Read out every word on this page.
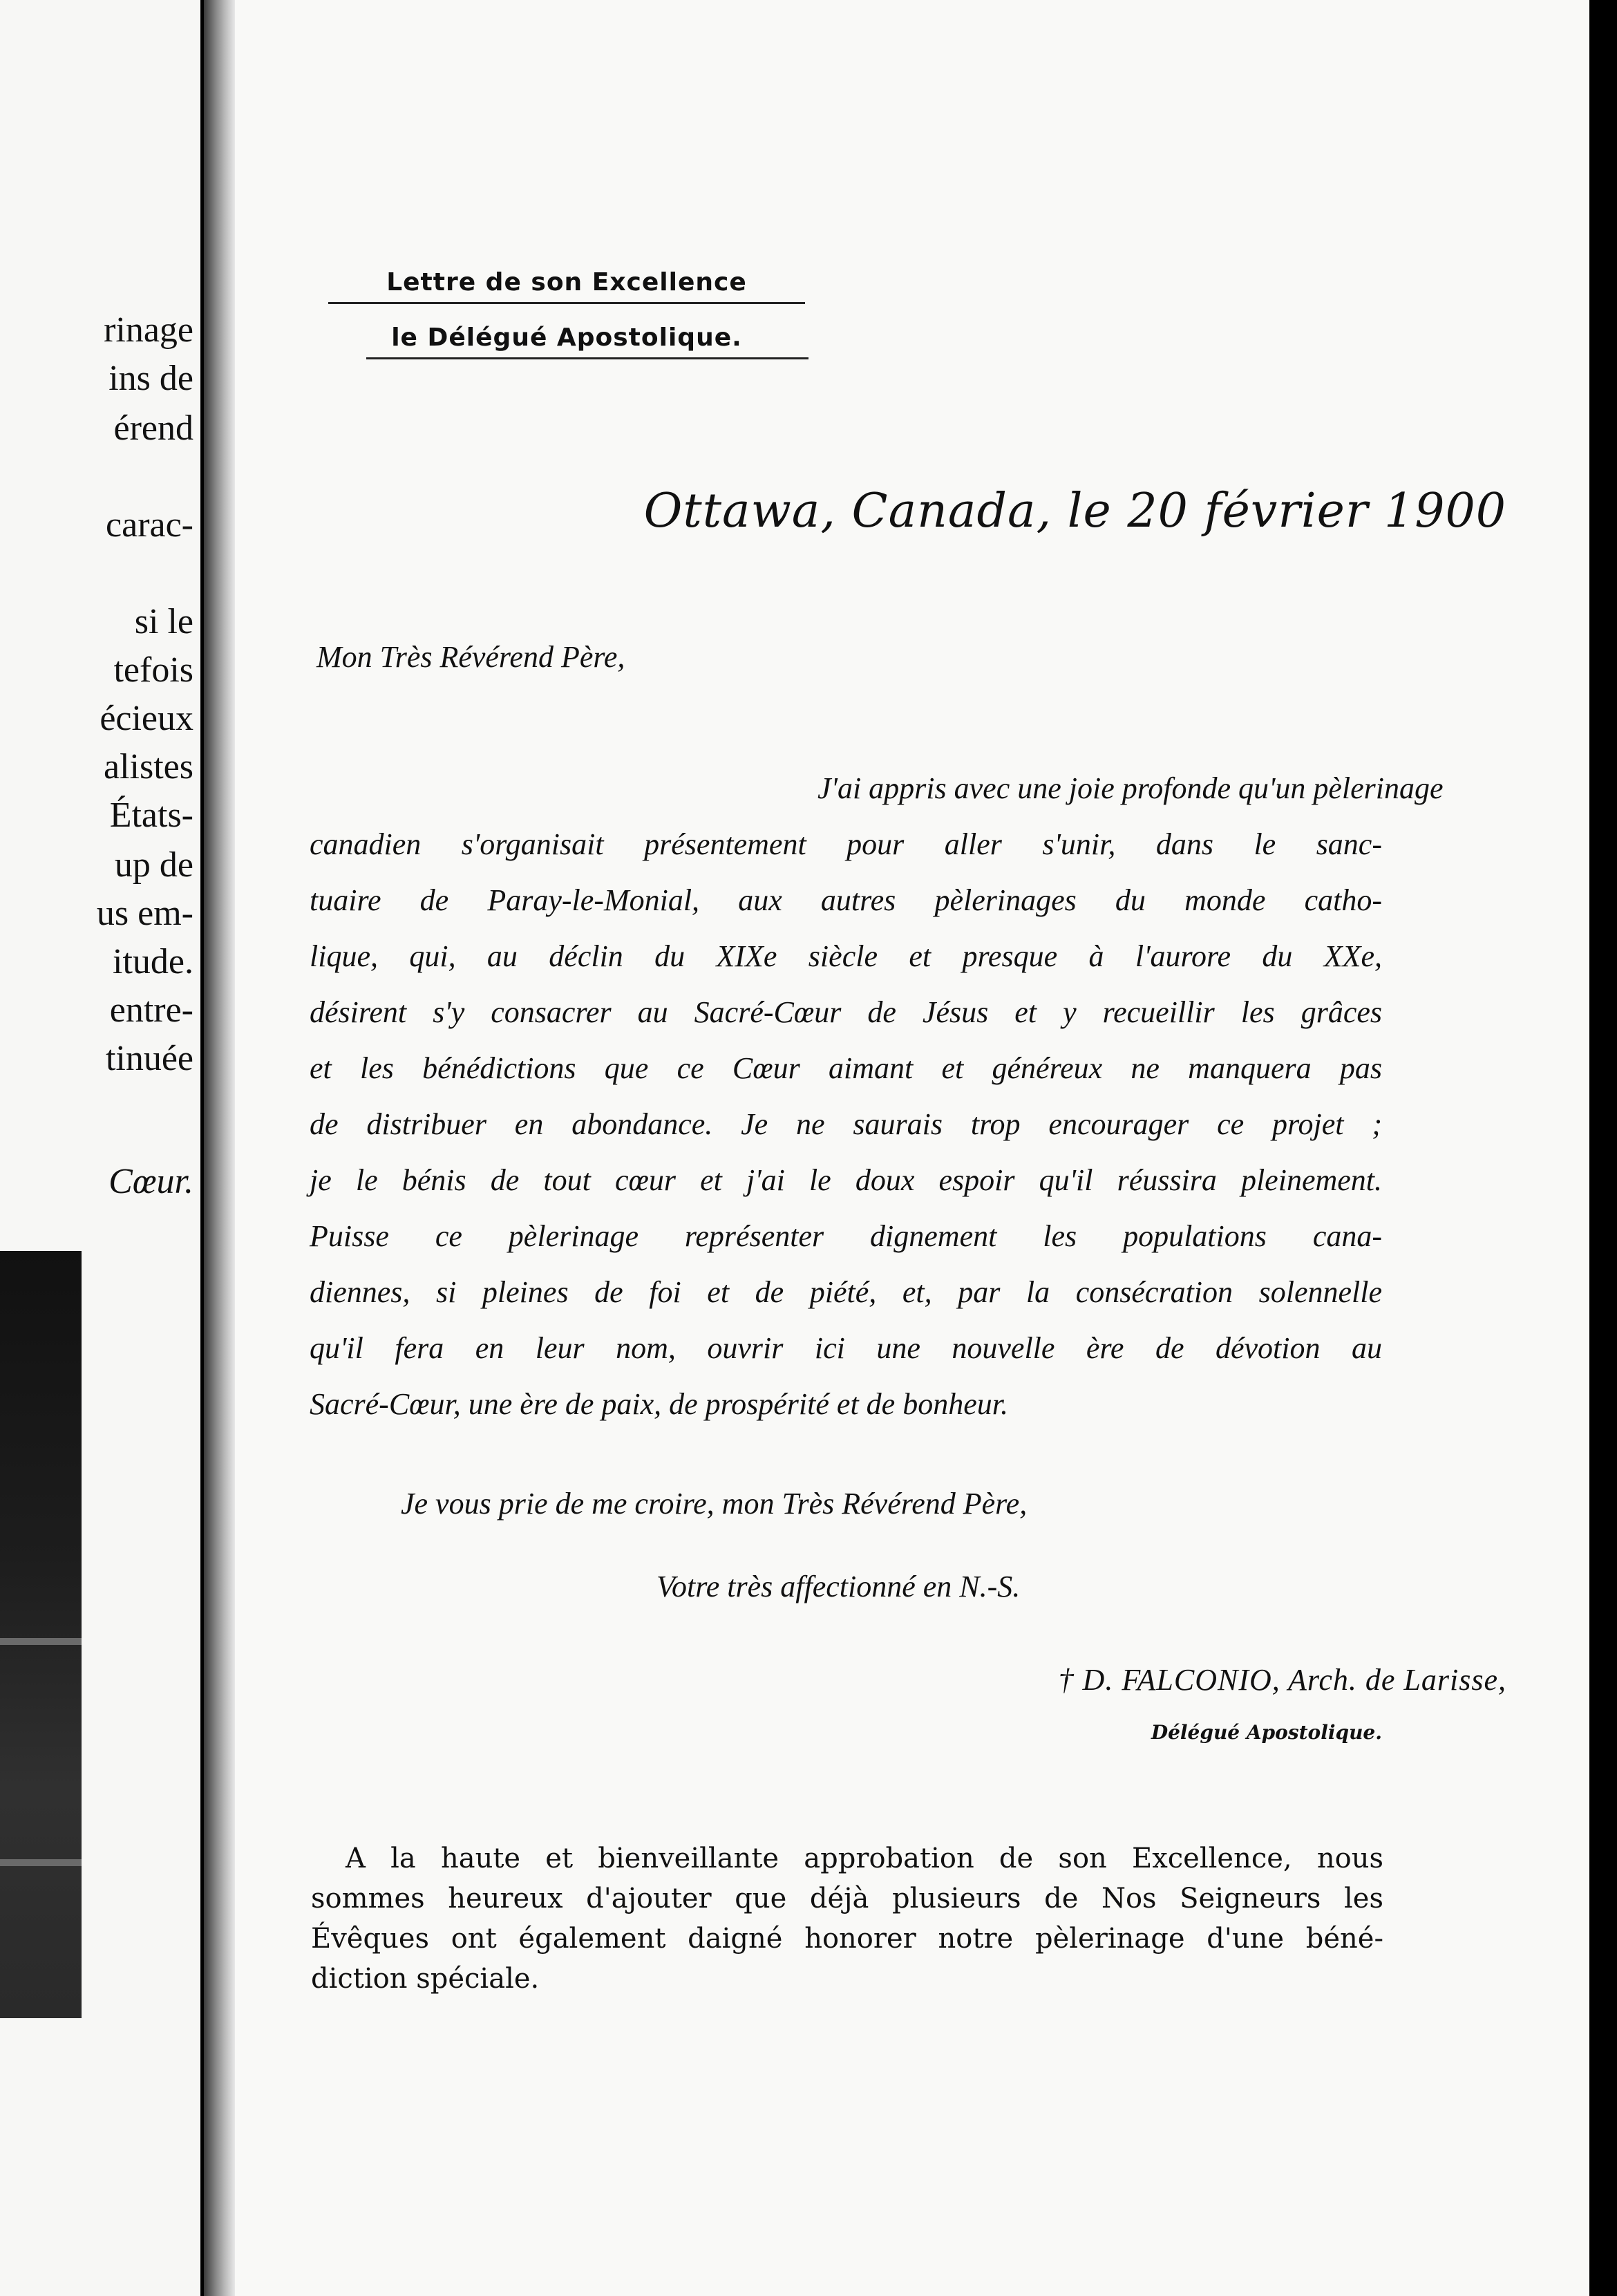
rinage
ins de
érend
carac-
si le
tefois
écieux
alistes
États-
up de
us em-
itude.
entre-
tinuée
Cœur.
Lettre de son Excellence
le Délégué Apostolique.
Ottawa, Canada, le 20 février 1900
Mon Très Révérend Père,
J'ai appris avec une joie profonde qu'un pèlerinage
canadien s'organisait présentement pour aller s'unir, dans le sanc-
tuaire de Paray-le-Monial, aux autres pèlerinages du monde catho-
lique, qui, au déclin du XIXe siècle et presque à l'aurore du XXe,
désirent s'y consacrer au Sacré-Cœur de Jésus et y recueillir les grâces
et les bénédictions que ce Cœur aimant et généreux ne manquera pas
de distribuer en abondance. Je ne saurais trop encourager ce projet ;
je le bénis de tout cœur et j'ai le doux espoir qu'il réussira pleinement.
Puisse ce pèlerinage représenter dignement les populations cana-
diennes, si pleines de foi et de piété, et, par la consécration solennelle
qu'il fera en leur nom, ouvrir ici une nouvelle ère de dévotion au
Sacré-Cœur, une ère de paix, de prospérité et de bonheur.
Je vous prie de me croire, mon Très Révérend Père,
Votre très affectionné en N.-S.
† D. FALCONIO, Arch. de Larisse,
Délégué Apostolique.
A la haute et bienveillante approbation de son Excellence, nous
sommes heureux d'ajouter que déjà plusieurs de Nos Seigneurs les
Évêques ont également daigné honorer notre pèlerinage d'une béné-
diction spéciale.
